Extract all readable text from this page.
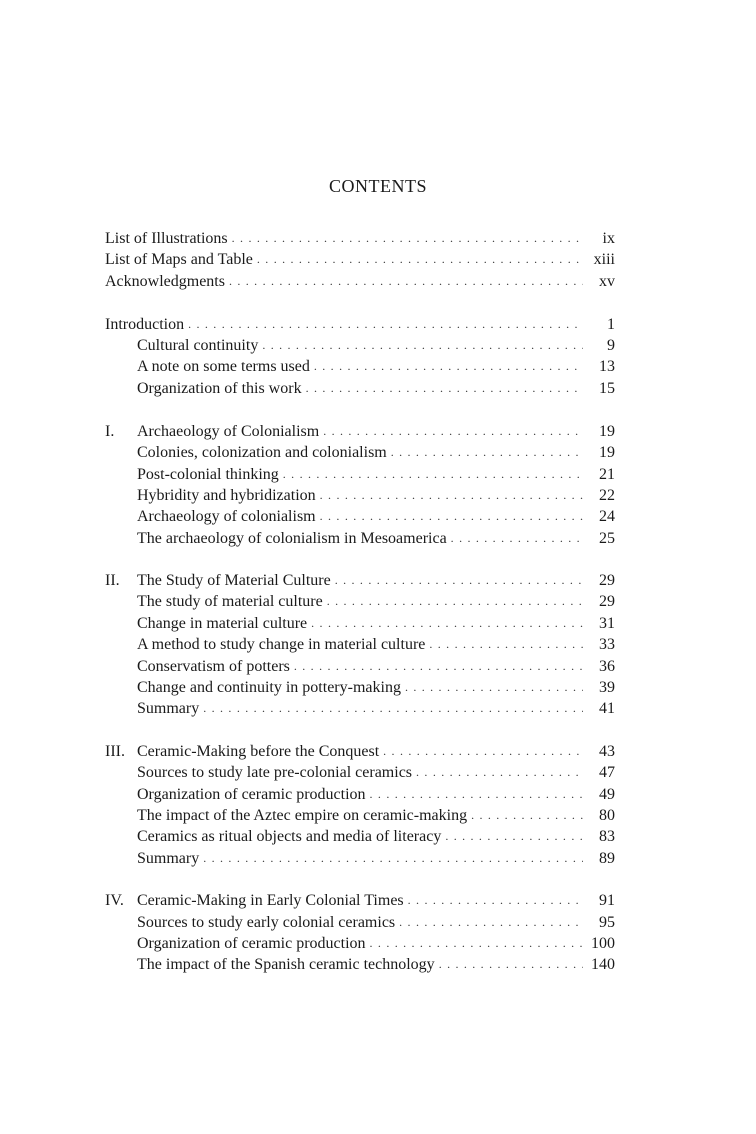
CONTENTS
List of Illustrations . . .	ix
List of Maps and Table . . .	xiii
Acknowledgments . . .	xv
Introduction . . .	1
Cultural continuity . . .	9
A note on some terms used . . .	13
Organization of this work . . .	15
I.	Archaeology of Colonialism . . .	19
Colonies, colonization and colonialism . . .	19
Post-colonial thinking . . .	21
Hybridity and hybridization . . .	22
Archaeology of colonialism . . .	24
The archaeology of colonialism in Mesoamerica . . .	25
II.	The Study of Material Culture . . .	29
The study of material culture . . .	29
Change in material culture . . .	31
A method to study change in material culture . . .	33
Conservatism of potters . . .	36
Change and continuity in pottery-making . . .	39
Summary . . .	41
III. Ceramic-Making before the Conquest . . .	43
Sources to study late pre-colonial ceramics . . .	47
Organization of ceramic production . . .	49
The impact of the Aztec empire on ceramic-making . . .	80
Ceramics as ritual objects and media of literacy . . .	83
Summary . . .	89
IV. Ceramic-Making in Early Colonial Times . . .	91
Sources to study early colonial ceramics . . .	95
Organization of ceramic production . . .	100
The impact of the Spanish ceramic technology . . .	140
